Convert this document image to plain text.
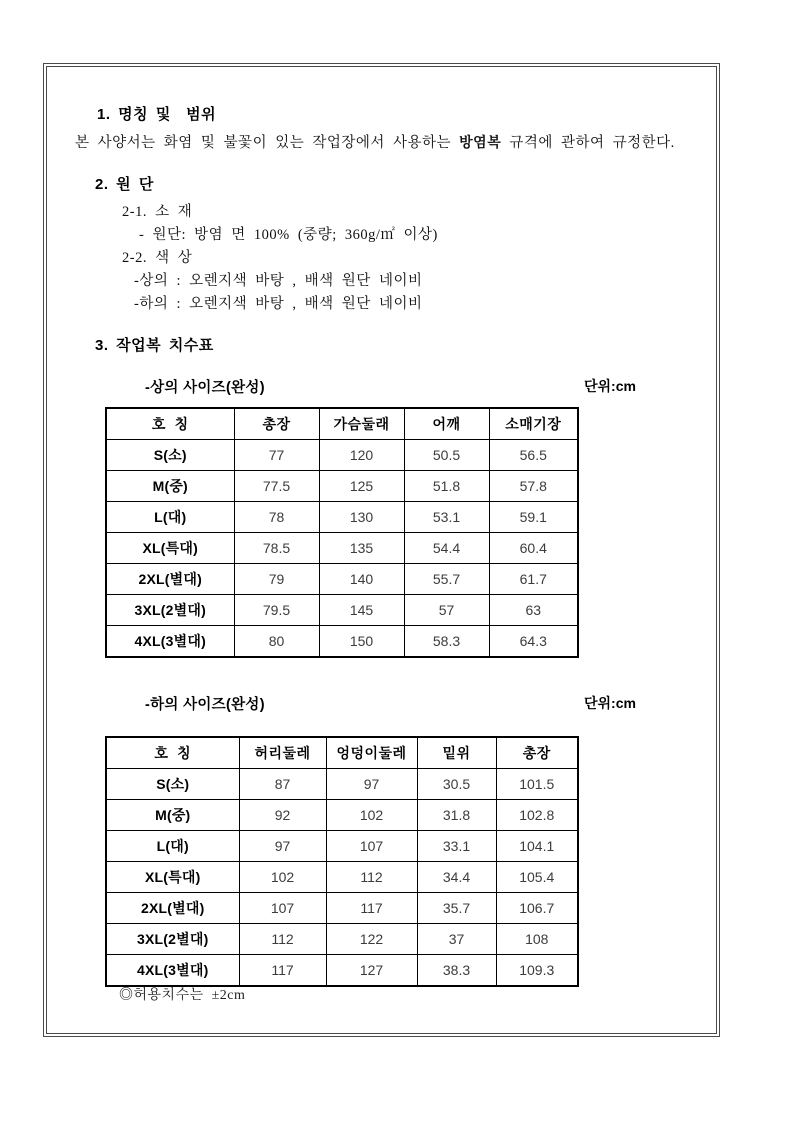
1. 명칭 및  범위
본 사양서는 화염 및 불꽃이 있는 작업장에서 사용하는 방염복 규격에 관하여 규정한다.
2. 원 단
2-1. 소 재
- 원단: 방염 면 100% (중량; 360g/㎡ 이상)
2-2. 색 상
-상의 : 오렌지색 바탕 , 배색 원단 네이비
-하의 : 오렌지색 바탕 , 배색 원단 네이비
3. 작업복 치수표
-상의 사이즈(완성)	단위:cm
호  칭	총장	가슴둘래	어깨	소매기장
S(소)	77	120	50.5	56.5
M(중)	77.5	125	51.8	57.8
L(대)	78	130	53.1	59.1
XL(특대)	78.5	135	54.4	60.4
2XL(별대)	79	140	55.7	61.7
3XL(2별대)	79.5	145	57	63
4XL(3별대)	80	150	58.3	64.3
-하의 사이즈(완성)	단위:cm
호  칭	허리둘레	엉덩이둘레	밑위	총장
S(소)	87	97	30.5	101.5
M(중)	92	102	31.8	102.8
L(대)	97	107	33.1	104.1
XL(특대)	102	112	34.4	105.4
2XL(별대)	107	117	35.7	106.7
3XL(2별대)	112	122	37	108
4XL(3별대)	117	127	38.3	109.3
◎허용치수는  ±2cm
